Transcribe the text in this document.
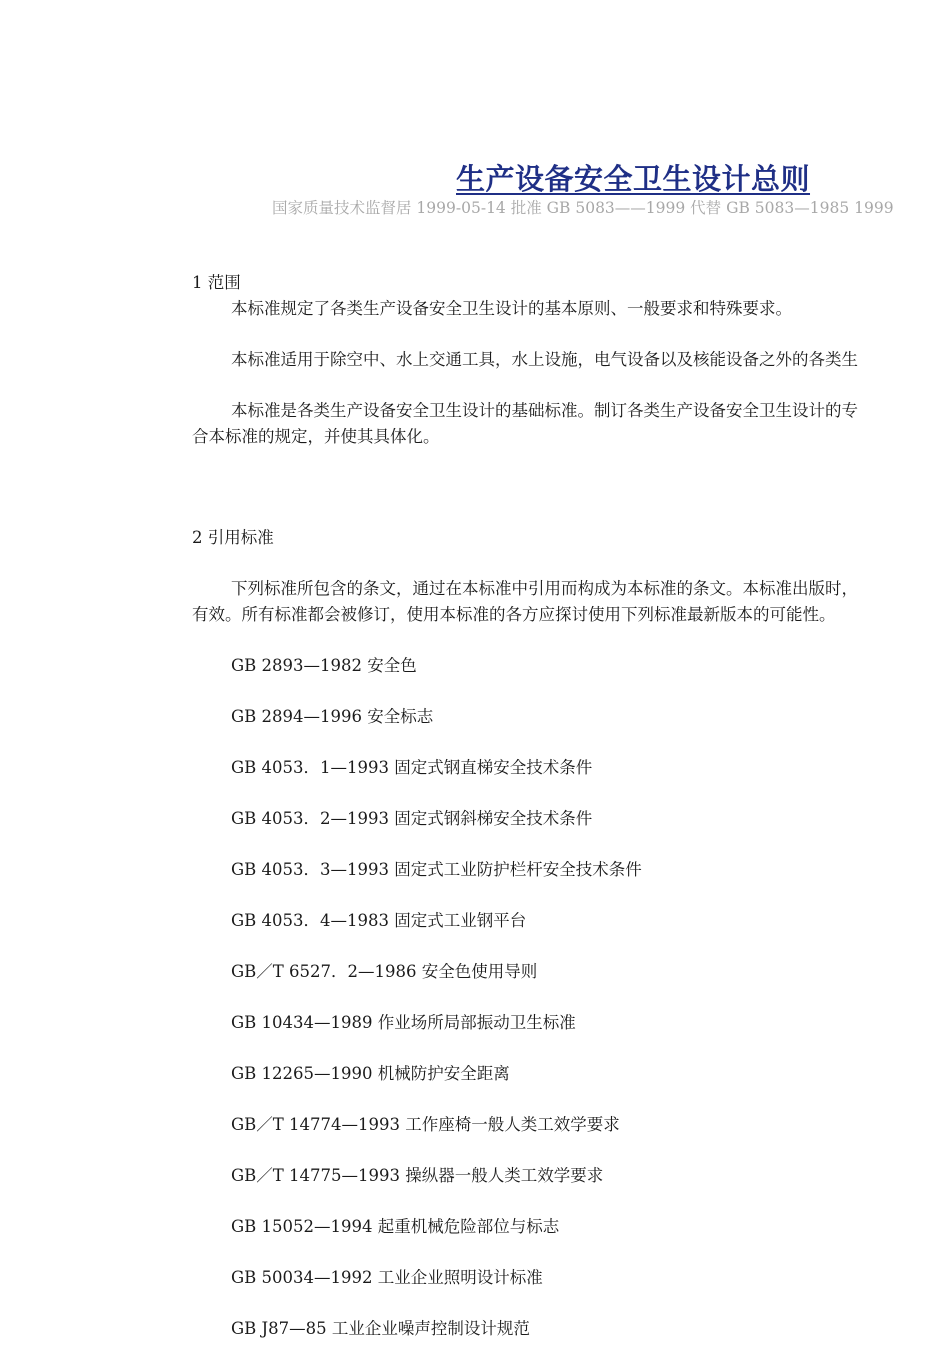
生产设备安全卫生设计总则
国家质量技术监督居 1999-05-14 批准 GB 5083——1999 代替 GB 5083—1985 1999
1 范围
本标准规定了各类生产设备安全卫生设计的基本原则、一般要求和特殊要求。
本标准适用于除空中、水上交通工具，水上设施，电气设备以及核能设备之外的各类生
本标准是各类生产设备安全卫生设计的基础标准。制订各类生产设备安全卫生设计的专
合本标准的规定，并使其具体化。
2 引用标准
下列标准所包含的条文，通过在本标准中引用而构成为本标准的条文。本标准出版时，
有效。所有标准都会被修订，使用本标准的各方应探讨使用下列标准最新版本的可能性。
GB 2893—1982 安全色
GB 2894—1996 安全标志
GB 4053．1—1993 固定式钢直梯安全技术条件
GB 4053．2—1993 固定式钢斜梯安全技术条件
GB 4053．3—1993 固定式工业防护栏杆安全技术条件
GB 4053．4—1983 固定式工业钢平台
GB／T 6527．2—1986 安全色使用导则
GB 10434—1989 作业场所局部振动卫生标准
GB 12265—1990 机械防护安全距离
GB／T 14774—1993 工作座椅一般人类工效学要求
GB／T 14775—1993 操纵器一般人类工效学要求
GB 15052—1994 起重机械危险部位与标志
GB 50034—1992 工业企业照明设计标准
GB J87—85 工业企业噪声控制设计规范
